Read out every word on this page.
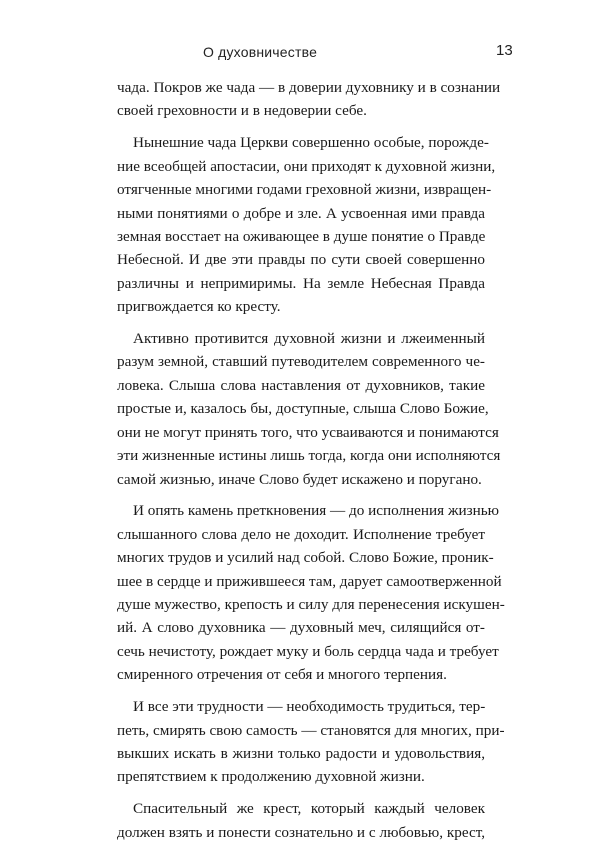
О духовничестве	13
чада. Покров же чада — в доверии духовнику и в сознании
своей греховности и в недоверии себе.
Нынешние чада Церкви совершенно особые, порожде-
ние всеобщей апостасии, они приходят к духовной жизни,
отягченные многими годами греховной жизни, извращен-
ными понятиями о добре и зле. А усвоенная ими правда
земная восстает на оживающее в душе понятие о Правде
Небесной. И две эти правды по сути своей совершенно
различны и непримиримы. На земле Небесная Правда
пригвождается ко кресту.
Активно противится духовной жизни и лжеименный
разум земной, ставший путеводителем современного че-
ловека. Слыша слова наставления от духовников, такие
простые и, казалось бы, доступные, слыша Слово Божие,
они не могут принять того, что усваиваются и понимаются
эти жизненные истины лишь тогда, когда они исполняются
самой жизнью, иначе Слово будет искажено и поругано.
И опять камень преткновения — до исполнения жизнью
слышанного слова дело не доходит. Исполнение требует
многих трудов и усилий над собой. Слово Божие, проник-
шее в сердце и прижившееся там, дарует самоотверженной
душе мужество, крепость и силу для перенесения искушен-
ий. А слово духовника — духовный меч, силящийся от-
сечь нечистоту, рождает муку и боль сердца чада и требует
смиренного отречения от себя и многого терпения.
И все эти трудности — необходимость трудиться, тер-
петь, смирять свою самость — становятся для многих, при-
выкших искать в жизни только радости и удовольствия,
препятствием к продолжению духовной жизни.
Спасительный же крест, который каждый человек
должен взять и понести сознательно и с любовью, крест,
